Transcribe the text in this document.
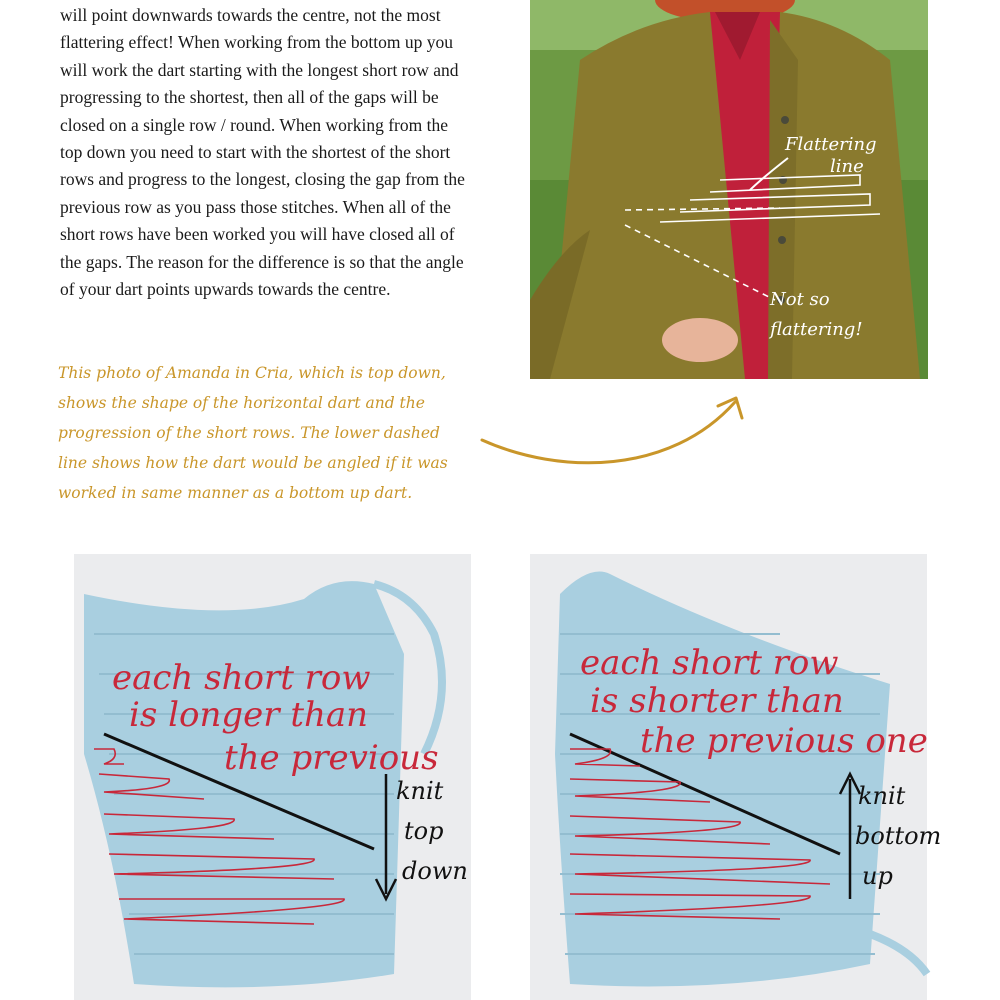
will point downwards towards the centre, not the most
flattering effect! When working from the bottom up you
will work the dart starting with the longest short row and
progressing to the shortest, then all of the gaps will be
closed on a single row / round. When working from the
top down you need to start with the shortest of the short
rows and progress to the longest, closing the gap from the
previous row as you pass those stitches. When all of the
short rows have been worked you will have closed all of
the gaps. The reason for the difference is so that the angle
of your dart points upwards towards the centre.
This photo of Amanda in Cria, which is top down,
shows the shape of the horizontal dart and the
progression of the short rows. The lower dashed
line shows how the dart would be angled if it was
worked in same manner as a bottom up dart.
Flattering
line
Not so
flattering!
each short row
is longer than
the previous
knit
top
down
each short row
is shorter than
the previous one
knit
bottom
up
